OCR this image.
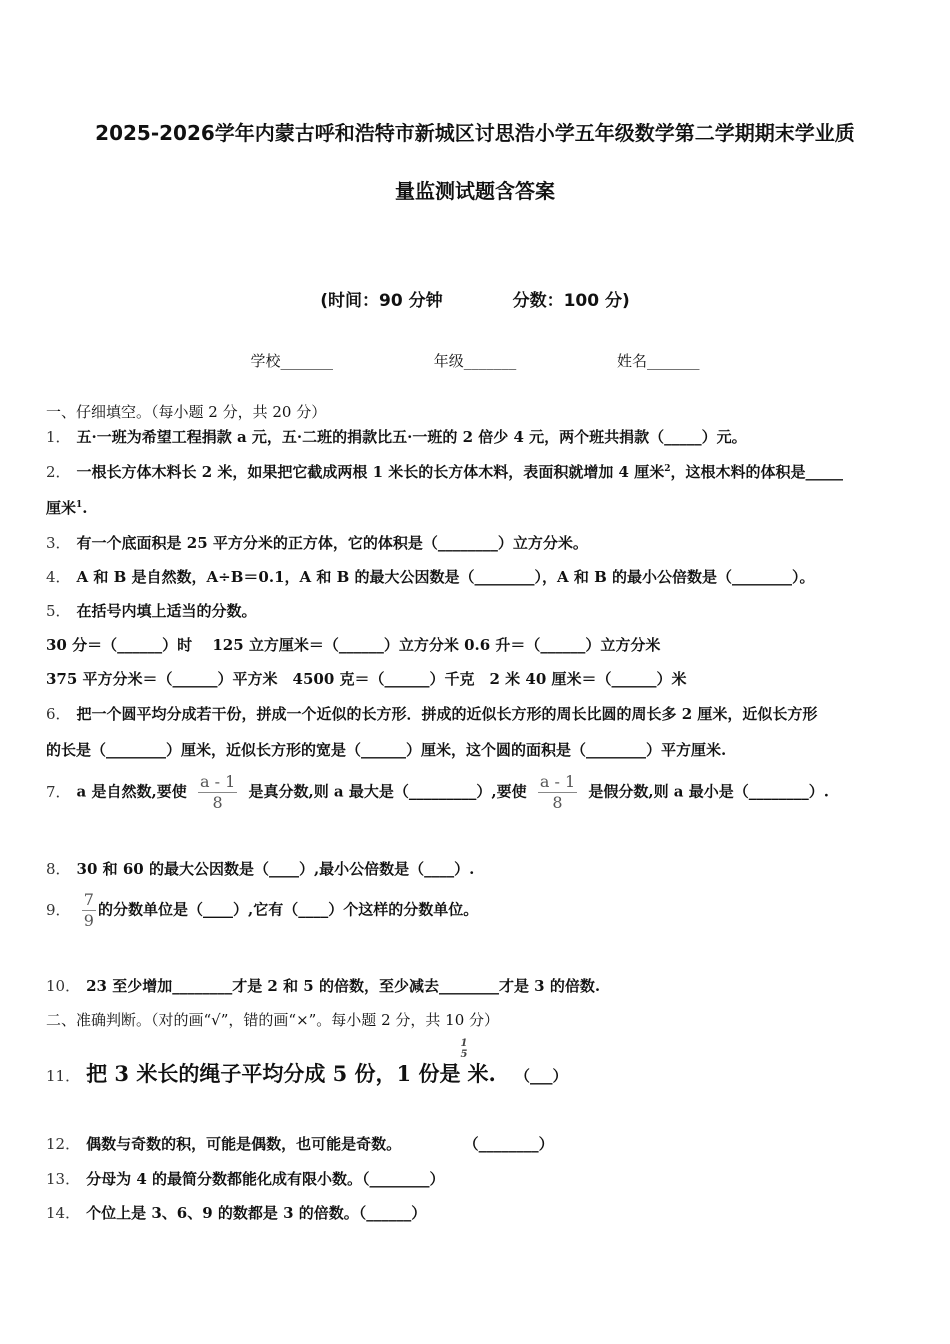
2025-2026学年内蒙古呼和浩特市新城区讨思浩小学五年级数学第二学期期末学业质
量监测试题含答案
(时间：90 分钟	分数：100 分)
学校_______	年级_______	姓名_______
一、仔细填空。（每小题 2 分，共 20 分）
1． 五·一班为希望工程捐款 a 元，五·二班的捐款比五·一班的 2 倍少 4 元，两个班共捐款（_____）元。
2． 一根长方体木料长 2 米，如果把它截成两根 1 米长的长方体木料，表面积就增加 4 厘米$^2$，这根木料的体积是_____
厘米$^1$.
3． 有一个底面积是 25 平方分米的正方体，它的体积是（________）立方分米。
4． A 和 B 是自然数，A÷B＝0.1，A 和 B 的最大公因数是（________），A 和 B 的最小公倍数是（________）。
5． 在括号内填上适当的分数。
30 分＝（______）时　 125 立方厘米＝（______）立方分米 0.6 升＝（______）立方分米
375 平方分米＝（______）平方米　4500 克＝（______）千克　2 米 40 厘米＝（______）米
6． 把一个圆平均分成若干份，拼成一个近似的长方形．拼成的近似长方形的周长比圆的周长多 2 厘米，近似长方形
的长是（________）厘米，近似长方形的宽是（______）厘米，这个圆的面积是（________）平方厘米.
7． a 是自然数,要使 $\frac{a - 1}{8}$ 是真分数,则 a 最大是（_________）,要使 $\frac{a - 1}{8}$ 是假分数,则 a 最小是（________）.
8． 30 和 60 的最大公因数是（____）,最小公倍数是（____）.
9． $\frac{7}{9}$ 的分数单位是（____）,它有（____）个这样的分数单位。
10． 23 至少增加________才是 2 和 5 的倍数，至少减去________才是 3 的倍数.
二、准确判断。（对的画“√”，错的画“×”。每小题 2 分，共 10 分）
11． 把 3 米长的绳子平均分成 5 份，1 份是
1
5
米. （___）
12． 偶数与奇数的积，可能是偶数，也可能是奇数。	（________）
13． 分母为 4 的最简分数都能化成有限小数。（________）
14． 个位上是 3、6、9 的数都是 3 的倍数。（______）
